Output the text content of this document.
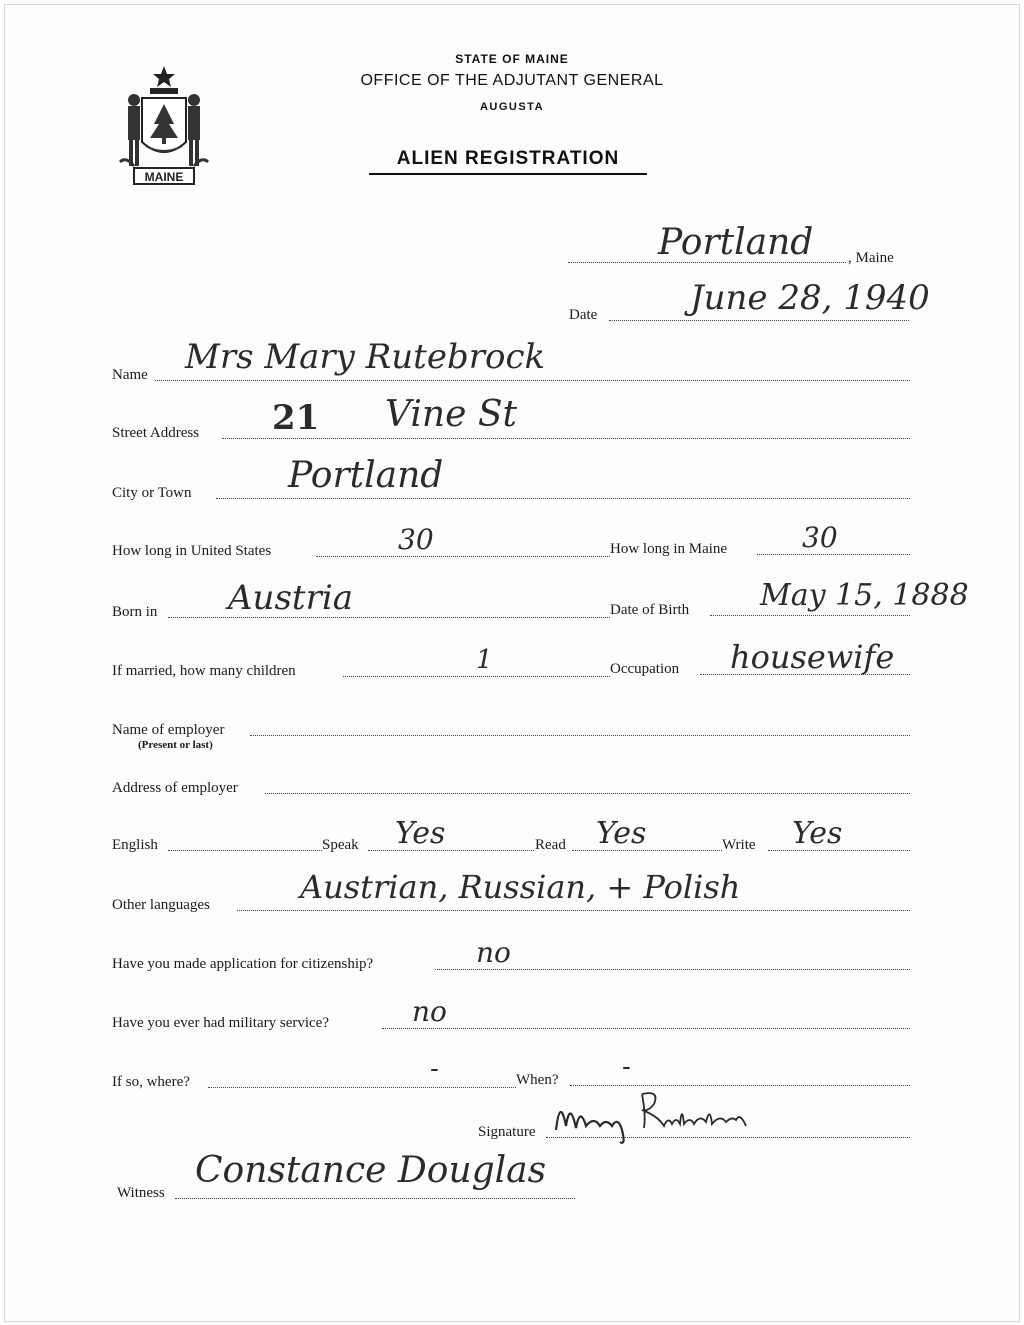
MAINE
STATE OF MAINE
OFFICE OF THE ADJUTANT GENERAL
AUGUSTA
ALIEN REGISTRATION
Portland , Maine
Date	June 28, 1940
Name Mrs Mary Rutebrock
Street Address 21 Vine St
City or Town	Portland
How long in United States	30	How long in Maine	30
Born in Austria	Date of Birth May 15, 1888
If married, how many children	1	Occupation housewife
Name of employer
(Present or last)
Address of employer
English	Speak Yes	Read Yes	Write Yes
Other languages	Austrian, Russian, + Polish
Have you made application for citizenship?	no
Have you ever had military service?	no
If so, where?	-	When? -
Signature
Witness
Constance Douglas
